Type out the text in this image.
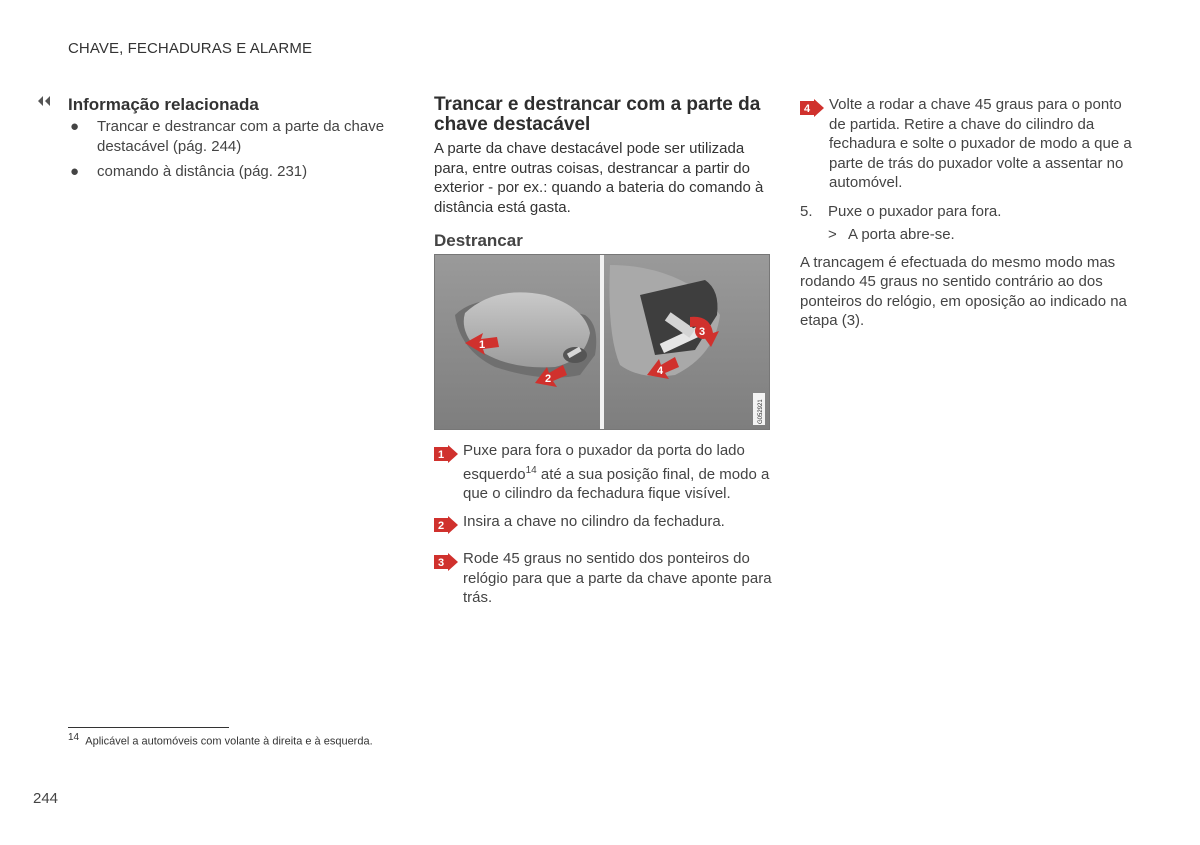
CHAVE, FECHADURAS E ALARME
Informação relacionada
● Trancar e destrancar com a parte da chave destacável (pág. 244)
● comando à distância (pág. 231)
Trancar e destrancar com a parte da chave destacável
A parte da chave destacável pode ser utilizada para, entre outras coisas, destrancar a partir do exterior - por ex.: quando a bateria do comando à distância está gasta.
Destrancar
1
2
3
4
G052921
1 Puxe para fora o puxador da porta do lado esquerdo$^{14}$ até a sua posição final, de modo a que o cilindro da fechadura fique visível.
2 Insira a chave no cilindro da fechadura.
3 Rode 45 graus no sentido dos ponteiros do relógio para que a parte da chave aponte para trás.
4 Volte a rodar a chave 45 graus para o ponto de partida. Retire a chave do cilindro da fechadura e solte o puxador de modo a que a parte de trás do puxador volte a assentar no automóvel.
5. Puxe o puxador para fora.
> A porta abre-se.
A trancagem é efectuada do mesmo modo mas rodando 45 graus no sentido contrário ao dos ponteiros do relógio, em oposição ao indicado na etapa (3).
$^{14}$ Aplicável a automóveis com volante à direita e à esquerda.
244
